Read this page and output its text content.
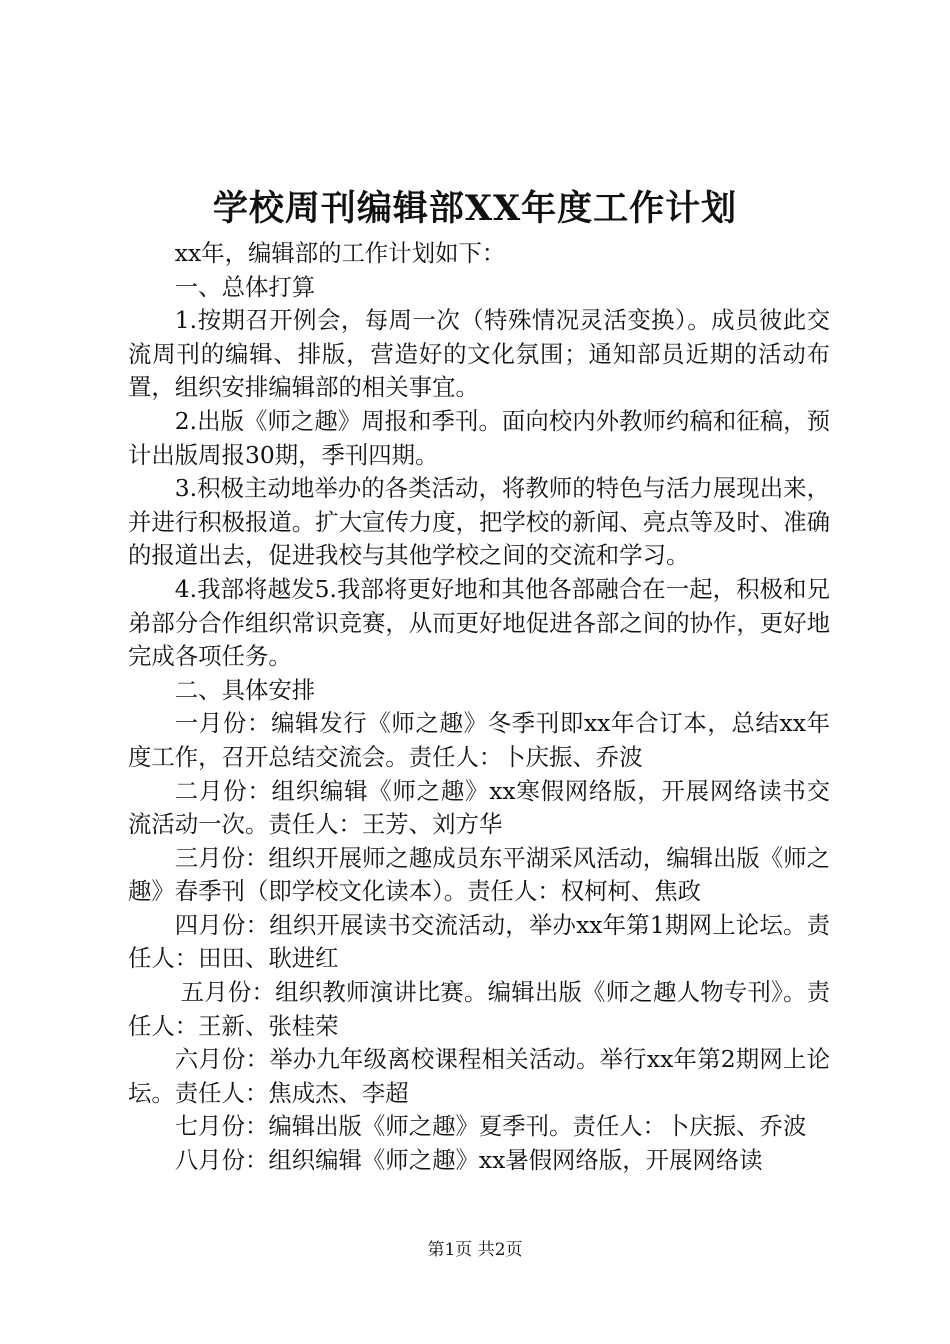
学校周刊编辑部XX年度工作计划

xx年，编辑部的工作计划如下：

一、总体打算

1.按期召开例会，每周一次（特殊情况灵活变换）。成员彼此交流周刊的编辑、排版，营造好的文化氛围；通知部员近期的活动布置，组织安排编辑部的相关事宜。

2.出版《师之趣》周报和季刊。面向校内外教师约稿和征稿，预计出版周报30期，季刊四期。

3.积极主动地举办的各类活动，将教师的特色与活力展现出来，并进行积极报道。扩大宣传力度，把学校的新闻、亮点等及时、准确的报道出去，促进我校与其他学校之间的交流和学习。

4.我部将越发5.我部将更好地和其他各部融合在一起，积极和兄弟部分合作组织常识竞赛，从而更好地促进各部之间的协作，更好地完成各项任务。

二、具体安排

一月份：编辑发行《师之趣》冬季刊即xx年合订本，总结xx年度工作，召开总结交流会。责任人：卜庆振、乔波

二月份：组织编辑《师之趣》xx寒假网络版，开展网络读书交流活动一次。责任人：王芳、刘方华

三月份：组织开展师之趣成员东平湖采风活动，编辑出版《师之趣》春季刊（即学校文化读本）。责任人：权柯柯、焦政

四月份：组织开展读书交流活动，举办xx年第1期网上论坛。责任人：田田、耿进红

五月份：组织教师演讲比赛。编辑出版《师之趣人物专刊》。责任人：王新、张桂荣

六月份：举办九年级离校课程相关活动。举行xx年第2期网上论坛。责任人：焦成杰、李超

七月份：编辑出版《师之趣》夏季刊。责任人：卜庆振、乔波

八月份：组织编辑《师之趣》xx暑假网络版，开展网络读

第1页 共2页
